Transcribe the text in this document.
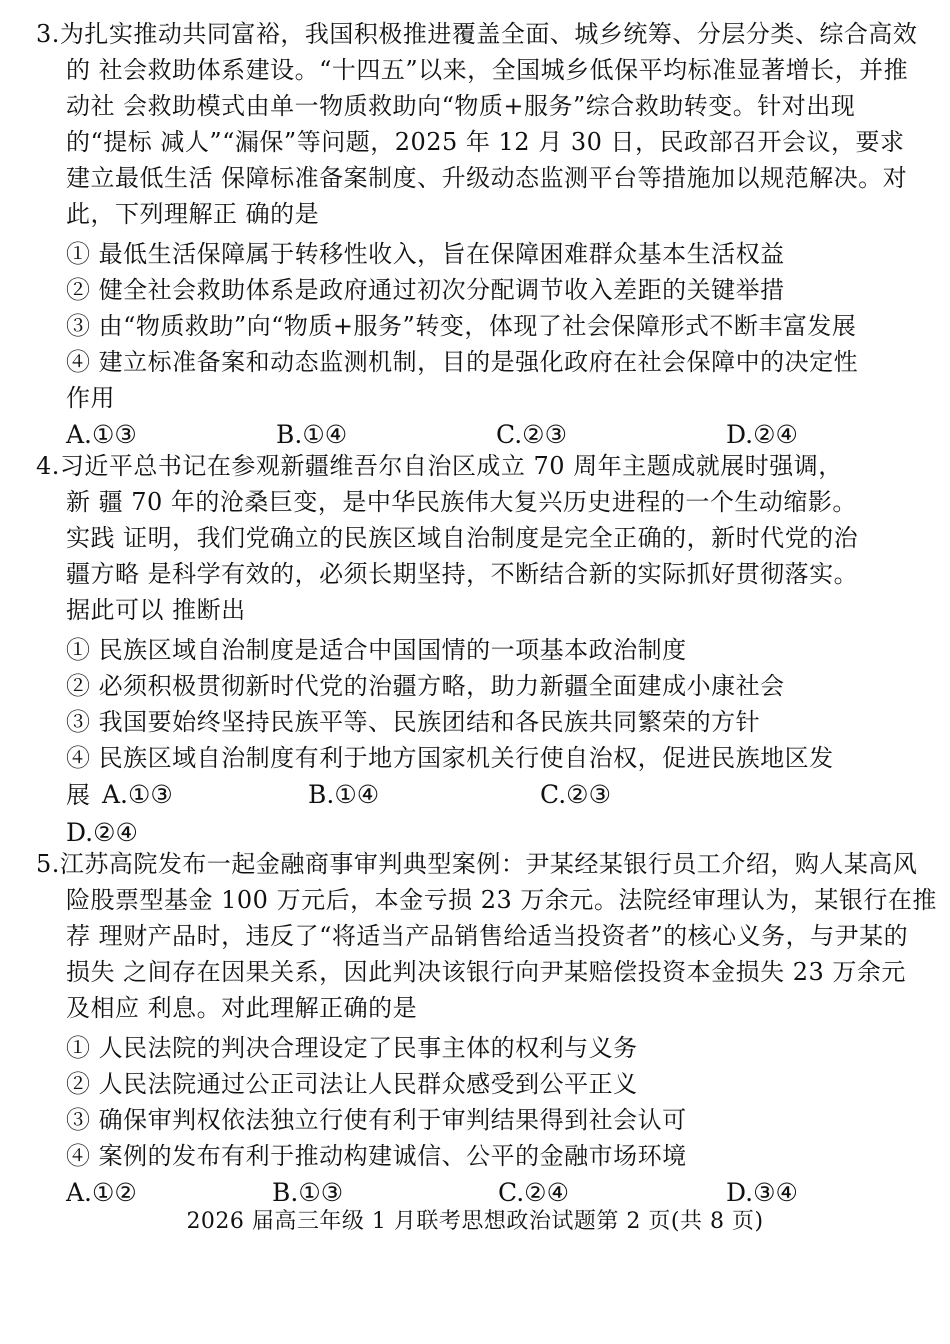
3.为扎实推动共同富裕，我国积极推进覆盖全面、城乡统筹、分层分类、综合高效
的 社会救助体系建设。“十四五”以来，全国城乡低保平均标准显著增长，并推
动社 会救助模式由单一物质救助向“物质+服务”综合救助转变。针对出现
的“提标 减人”“漏保”等问题，2025 年 12 月 30 日，民政部召开会议，要求
建立最低生活 保障标准备案制度、升级动态监测平台等措施加以规范解决。对
此，下列理解正 确的是
① 最低生活保障属于转移性收入，旨在保障困难群众基本生活权益
② 健全社会救助体系是政府通过初次分配调节收入差距的关键举措
③ 由“物质救助”向“物质+服务”转变，体现了社会保障形式不断丰富发展
④ 建立标准备案和动态监测机制，目的是强化政府在社会保障中的决定性
作用
A.①③	B.①④	C.②③	D.②④
4.习近平总书记在参观新疆维吾尔自治区成立 70 周年主题成就展时强调，
新 疆 70 年的沧桑巨变，是中华民族伟大复兴历史进程的一个生动缩影。
实践 证明，我们党确立的民族区域自治制度是完全正确的，新时代党的治
疆方略 是科学有效的，必须长期坚持，不断结合新的实际抓好贯彻落实。
据此可以 推断出
① 民族区域自治制度是适合中国国情的一项基本政治制度
② 必须积极贯彻新时代党的治疆方略，助力新疆全面建成小康社会
③ 我国要始终坚持民族平等、民族团结和各民族共同繁荣的方针
④ 民族区域自治制度有利于地方国家机关行使自治权，促进民族地区发
展 A.①③	B.①④	C.②③
D.②④
5.江苏高院发布一起金融商事审判典型案例：尹某经某银行员工介绍，购人某高风
险股票型基金 100 万元后，本金亏损 23 万余元。法院经审理认为，某银行在推
荐 理财产品时，违反了“将适当产品销售给适当投资者”的核心义务，与尹某的
损失 之间存在因果关系，因此判决该银行向尹某赔偿投资本金损失 23 万余元
及相应 利息。对此理解正确的是
① 人民法院的判决合理设定了民事主体的权利与义务
② 人民法院通过公正司法让人民群众感受到公平正义
③ 确保审判权依法独立行使有利于审判结果得到社会认可
④ 案例的发布有利于推动构建诚信、公平的金融市场环境
A.①②	B.①③	C.②④	D.③④
2026 届高三年级 1 月联考思想政治试题第 2 页(共 8 页)
